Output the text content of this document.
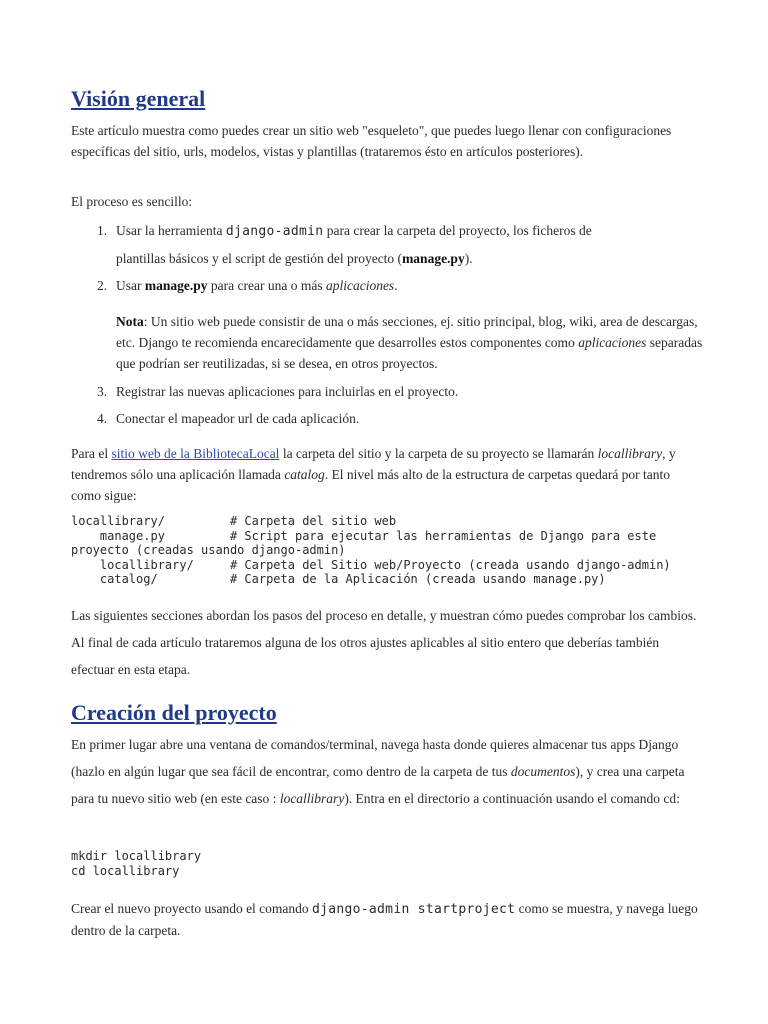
Visión general

Este artículo muestra como puedes crear un sitio web "esqueleto", que puedes luego llenar con configuraciones específicas del sitio, urls, modelos, vistas y plantillas (trataremos ésto en artículos posteriores).

El proceso es sencillo:

1. Usar la herramienta django-admin para crear la carpeta del proyecto, los ficheros de
plantillas básicos y el script de gestión del proyecto (manage.py).
2. Usar manage.py para crear una o más aplicaciones.

Nota: Un sitio web puede consistir de una o más secciones, ej. sitio principal, blog, wiki, area de descargas, etc. Django te recomienda encarecidamente que desarrolles estos componentes como aplicaciones separadas que podrían ser reutilizadas, si se desea, en otros proyectos.

3. Registrar las nuevas aplicaciones para incluirlas en el proyecto.
4. Conectar el mapeador url de cada aplicación.

Para el sitio web de la BibliotecaLocal la carpeta del sitio y la carpeta de su proyecto se llamarán locallibrary, y tendremos sólo una aplicación llamada catalog. El nivel más alto de la estructura de carpetas quedará por tanto como sigue:

locallibrary/         # Carpeta del sitio web
manage.py         # Script para ejecutar las herramientas de Django para este
proyecto (creadas usando django-admin)
locallibrary/     # Carpeta del Sitio web/Proyecto (creada usando django-admin)
catalog/          # Carpeta de la Aplicación (creada usando manage.py)

Las siguientes secciones abordan los pasos del proceso en detalle, y muestran cómo puedes comprobar los cambios. Al final de cada artículo trataremos alguna de los otros ajustes aplicables al sitio entero que deberías también efectuar en esta etapa.

Creación del proyecto

En primer lugar abre una ventana de comandos/terminal, navega hasta donde quieres almacenar tus apps Django (hazlo en algún lugar que sea fácil de encontrar, como dentro de la carpeta de tus documentos), y crea una carpeta para tu nuevo sitio web (en este caso : locallibrary). Entra en el directorio a continuación usando el comando cd:

mkdir locallibrary
cd locallibrary

Crear el nuevo proyecto usando el comando django-admin startproject como se muestra, y navega luego dentro de la carpeta.
